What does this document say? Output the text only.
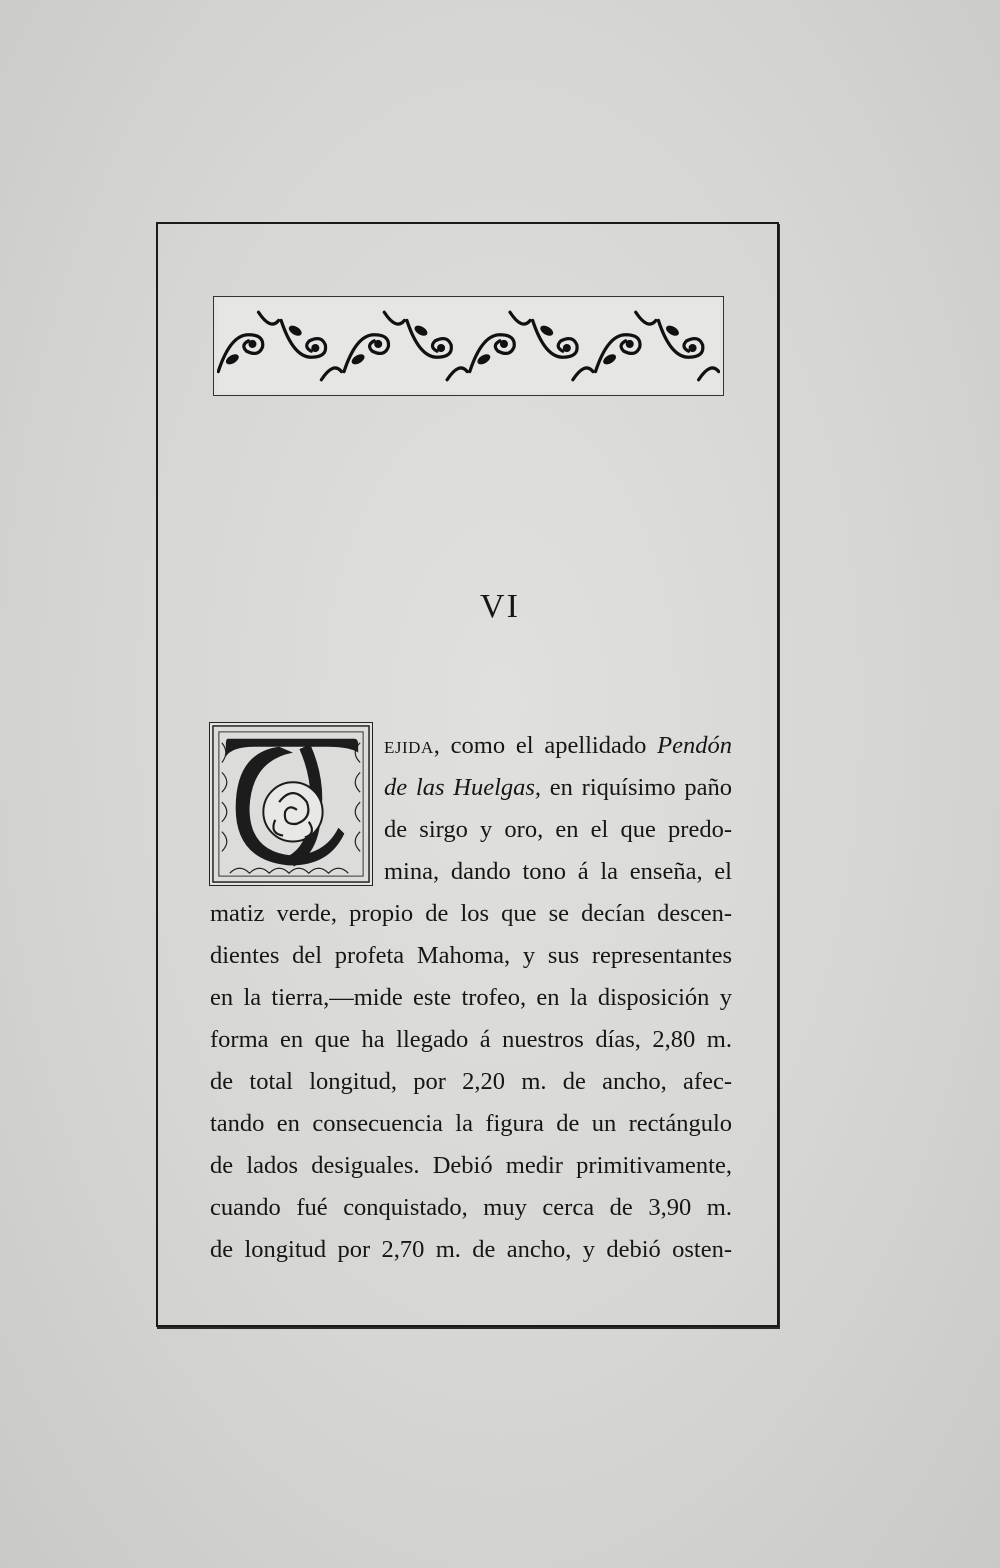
VI
ejida, como el apellidado Pendón
de las Huelgas, en riquísimo paño
de sirgo y oro, en el que predo-
mina, dando tono á la enseña, el
matiz verde, propio de los que se decían descen-
dientes del profeta Mahoma, y sus representantes
en la tierra,—mide este trofeo, en la disposición y
forma en que ha llegado á nuestros días, 2,80 m.
de total longitud, por 2,20 m. de ancho, afec-
tando en consecuencia la figura de un rectángulo
de lados desiguales. Debió medir primitivamente,
cuando fué conquistado, muy cerca de 3,90 m.
de longitud por 2,70 m. de ancho, y debió osten-
